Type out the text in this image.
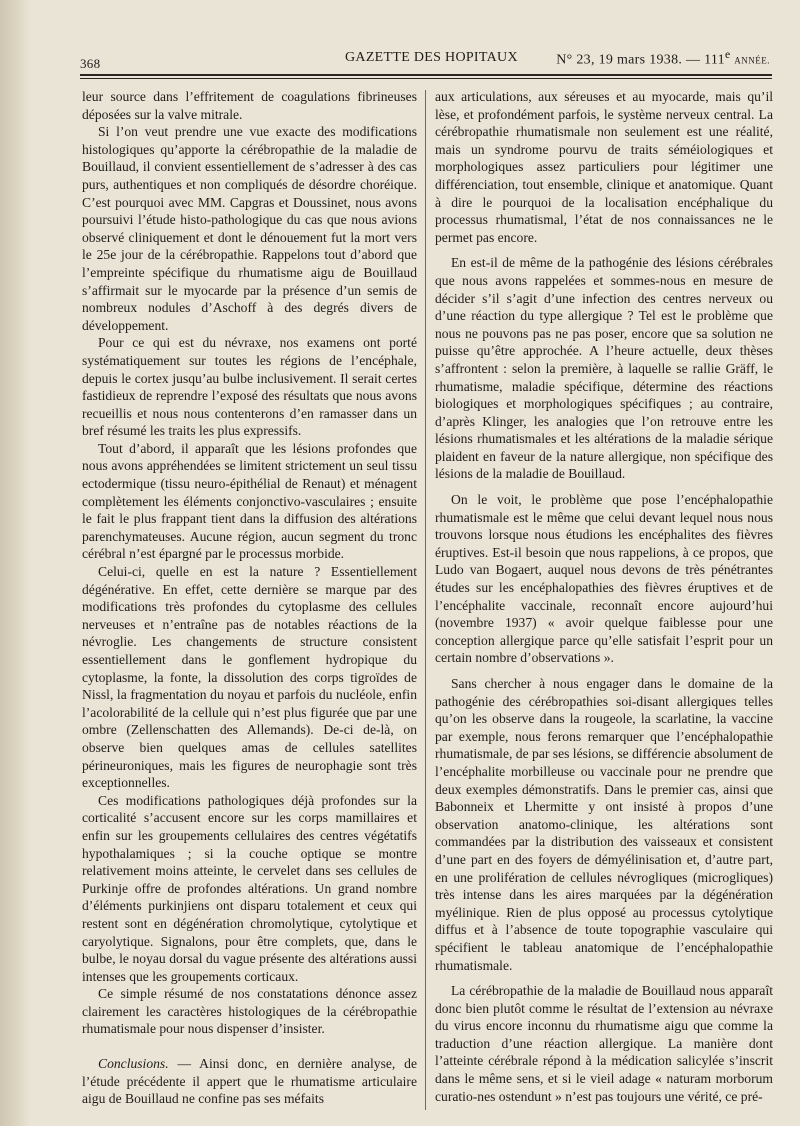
368	GAZETTE DES HOPITAUX	N° 23, 19 mars 1938. — 111e ANNÉE.

leur source dans l’effritement de coagulations fibrineuses déposées sur la valve mitrale.

Si l’on veut prendre une vue exacte des modifications histologiques qu’apporte la cérébropathie de la maladie de Bouillaud, il convient essentiellement de s’adresser à des cas purs, authentiques et non compliqués de désordre choréique. C’est pourquoi avec MM. Capgras et Doussinet, nous avons poursuivi l’étude histo-pathologique du cas que nous avions observé cliniquement et dont le dénouement fut la mort vers le 25e jour de la cérébropathie. Rappelons tout d’abord que l’empreinte spécifique du rhumatisme aigu de Bouillaud s’affirmait sur le myocarde par la présence d’un semis de nombreux nodules d’Aschoff à des degrés divers de développement.

Pour ce qui est du névraxe, nos examens ont porté systématiquement sur toutes les régions de l’encéphale, depuis le cortex jusqu’au bulbe inclusivement. Il serait certes fastidieux de reprendre l’exposé des résultats que nous avons recueillis et nous nous contenterons d’en ramasser dans un bref résumé les traits les plus expressifs.

Tout d’abord, il apparaît que les lésions profondes que nous avons appréhendées se limitent strictement un seul tissu ectodermique (tissu neuro-épithélial de Renaut) et ménagent complètement les éléments conjonctivo-vasculaires ; ensuite le fait le plus frappant tient dans la diffusion des altérations parenchymateuses. Aucune région, aucun segment du tronc cérébral n’est épargné par le processus morbide.

Celui-ci, quelle en est la nature ? Essentiellement dégénérative. En effet, cette dernière se marque par des modifications très profondes du cytoplasme des cellules nerveuses et n’entraîne pas de notables réactions de la névroglie. Les changements de structure consistent essentiellement dans le gonflement hydropique du cytoplasme, la fonte, la dissolution des corps tigroïdes de Nissl, la fragmentation du noyau et parfois du nucléole, enfin l’acolorabilité de la cellule qui n’est plus figurée que par une ombre (Zellenschatten des Allemands). De-ci de-là, on observe bien quelques amas de cellules satellites périneuroniques, mais les figures de neurophagie sont très exceptionnelles.

Ces modifications pathologiques déjà profondes sur la corticalité s’accusent encore sur les corps mamillaires et enfin sur les groupements cellulaires des centres végétatifs hypothalamiques ; si la couche optique se montre relativement moins atteinte, le cervelet dans ses cellules de Purkinje offre de profondes altérations. Un grand nombre d’éléments purkinjiens ont disparu totalement et ceux qui restent sont en dégénération chromolytique, cytolytique et caryolytique. Signalons, pour être complets, que, dans le bulbe, le noyau dorsal du vague présente des altérations aussi intenses que les groupements corticaux.

Ce simple résumé de nos constatations dénonce assez clairement les caractères histologiques de la cérébropathie rhumatismale pour nous dispenser d’insister.

Conclusions. — Ainsi donc, en dernière analyse, de l’étude précédente il appert que le rhumatisme articulaire aigu de Bouillaud ne confine pas ses méfaits

aux articulations, aux séreuses et au myocarde, mais qu’il lèse, et profondément parfois, le système nerveux central. La cérébropathie rhumatismale non seulement est une réalité, mais un syndrome pourvu de traits séméiologiques et morphologiques assez particuliers pour légitimer une différenciation, tout ensemble, clinique et anatomique. Quant à dire le pourquoi de la localisation encéphalique du processus rhumatismal, l’état de nos connaissances ne le permet pas encore.

En est-il de même de la pathogénie des lésions cérébrales que nous avons rappelées et sommes-nous en mesure de décider s’il s’agit d’une infection des centres nerveux ou d’une réaction du type allergique ? Tel est le problème que nous ne pouvons pas ne pas poser, encore que sa solution ne puisse qu’être approchée. A l’heure actuelle, deux thèses s’affrontent : selon la première, à laquelle se rallie Gräff, le rhumatisme, maladie spécifique, détermine des réactions biologiques et morphologiques spécifiques ; au contraire, d’après Klinger, les analogies que l’on retrouve entre les lésions rhumatismales et les altérations de la maladie sérique plaident en faveur de la nature allergique, non spécifique des lésions de la maladie de Bouillaud.

On le voit, le problème que pose l’encéphalopathie rhumatismale est le même que celui devant lequel nous nous trouvons lorsque nous étudions les encéphalites des fièvres éruptives. Est-il besoin que nous rappelions, à ce propos, que Ludo van Bogaert, auquel nous devons de très pénétrantes études sur les encéphalopathies des fièvres éruptives et de l’encéphalite vaccinale, reconnaît encore aujourd’hui (novembre 1937) « avoir quelque faiblesse pour une conception allergique parce qu’elle satisfait l’esprit pour un certain nombre d’observations ».

Sans chercher à nous engager dans le domaine de la pathogénie des cérébropathies soi-disant allergiques telles qu’on les observe dans la rougeole, la scarlatine, la vaccine par exemple, nous ferons remarquer que l’encéphalopathie rhumatismale, de par ses lésions, se différencie absolument de l’encéphalite morbilleuse ou vaccinale pour ne prendre que deux exemples démonstratifs. Dans le premier cas, ainsi que Babonneix et Lhermitte y ont insisté à propos d’une observation anatomo-clinique, les altérations sont commandées par la distribution des vaisseaux et consistent d’une part en des foyers de démyélinisation et, d’autre part, en une prolifération de cellules névrogliques (microgliques) très intense dans les aires marquées par la dégénération myélinique. Rien de plus opposé au processus cytolytique diffus et à l’absence de toute topographie vasculaire qui spécifient le tableau anatomique de l’encéphalopathie rhumatismale.

La cérébropathie de la maladie de Bouillaud nous apparaît donc bien plutôt comme le résultat de l’extension au névraxe du virus encore inconnu du rhumatisme aigu que comme la traduction d’une réaction allergique. La manière dont l’atteinte cérébrale répond à la médication salicylée s’inscrit dans le même sens, et si le vieil adage « naturam morborum curatio-nes ostendunt » n’est pas toujours une vérité, ce pré-
